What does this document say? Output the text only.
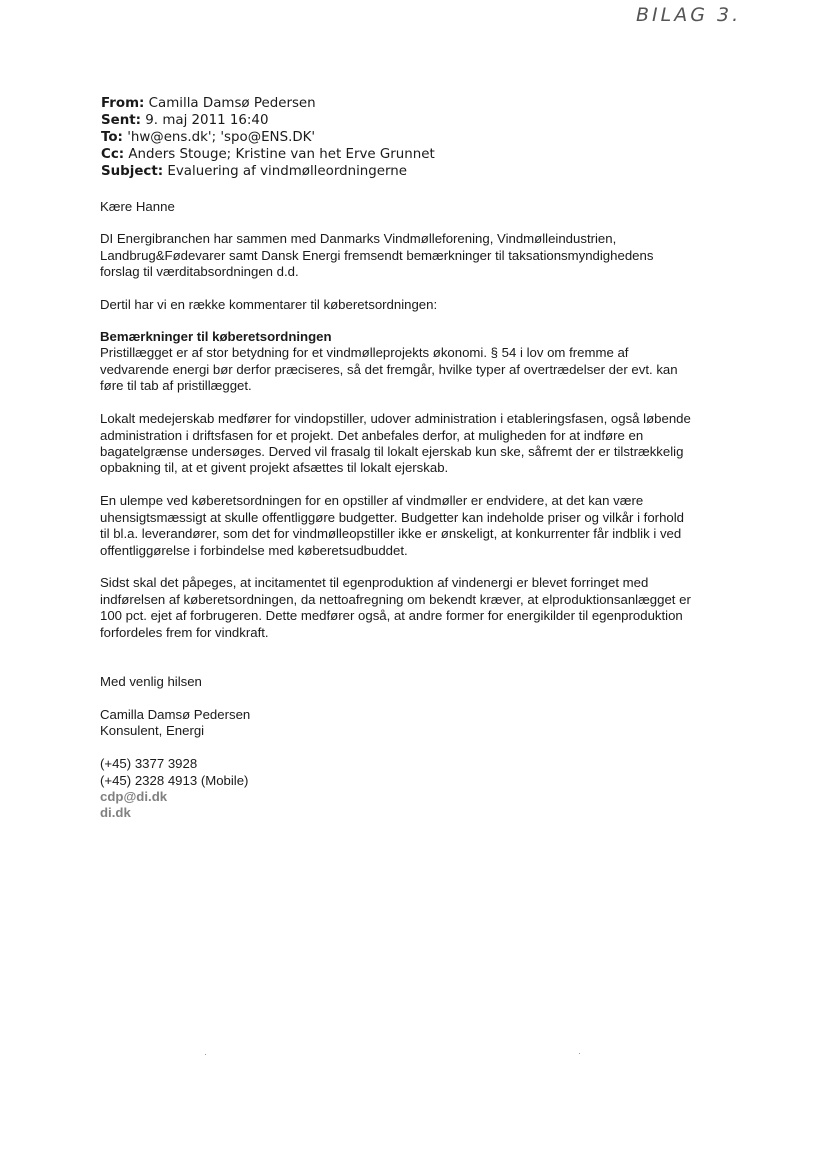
BILAG 3.
From: Camilla Damsø Pedersen
Sent: 9. maj 2011 16:40
To: 'hw@ens.dk'; 'spo@ENS.DK'
Cc: Anders Stouge; Kristine van het Erve Grunnet
Subject: Evaluering af vindmølleordningerne

Kære Hanne

DI Energibranchen har sammen med Danmarks Vindmølleforening, Vindmølleindustrien,
Landbrug&Fødevarer samt Dansk Energi fremsendt bemærkninger til taksationsmyndighedens
forslag til værditabsordningen d.d.

Dertil har vi en række kommentarer til køberetsordningen:

Bemærkninger til køberetsordningen

Pristillægget er af stor betydning for et vindmølleprojekts økonomi. § 54 i lov om fremme af
vedvarende energi bør derfor præciseres, så det fremgår, hvilke typer af overtrædelser der evt. kan
føre til tab af pristillægget.

Lokalt medejerskab medfører for vindopstiller, udover administration i etableringsfasen, også løbende
administration i driftsfasen for et projekt. Det anbefales derfor, at muligheden for at indføre en
bagatelgrænse undersøges. Derved vil frasalg til lokalt ejerskab kun ske, såfremt der er tilstrækkelig
opbakning til, at et givent projekt afsættes til lokalt ejerskab.

En ulempe ved køberetsordningen for en opstiller af vindmøller er endvidere, at det kan være
uhensigtsmæssigt at skulle offentliggøre budgetter. Budgetter kan indeholde priser og vilkår i forhold
til bl.a. leverandører, som det for vindmølleopstiller ikke er ønskeligt, at konkurrenter får indblik i ved
offentliggørelse i forbindelse med køberetsudbuddet.

Sidst skal det påpeges, at incitamentet til egenproduktion af vindenergi er blevet forringet med
indførelsen af køberetsordningen, da nettoafregning om bekendt kræver, at elproduktionsanlægget er
100 pct. ejet af forbrugeren. Dette medfører også, at andre former for energikilder til egenproduktion
forfordeles frem for vindkraft.

Med venlig hilsen

Camilla Damsø Pedersen

Konsulent, Energi

(+45) 3377 3928

(+45) 2328 4913 (Mobile)

cdp@di.dk

di.dk
